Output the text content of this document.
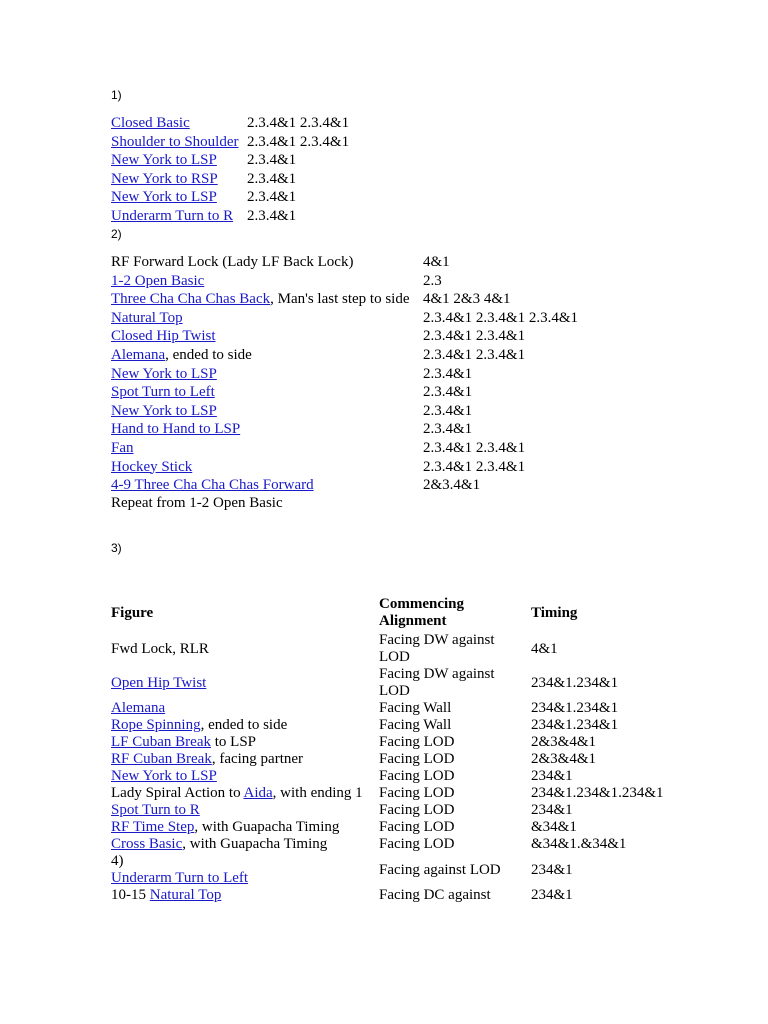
1)
Closed Basic	2.3.4&1 2.3.4&1
Shoulder to Shoulder 2.3.4&1 2.3.4&1
New York to LSP 2.3.4&1
New York to RSP 2.3.4&1
New York to LSP 2.3.4&1
Underarm Turn to R 2.3.4&1
2)
RF Forward Lock (Lady LF Back Lock)	4&1
1-2 Open Basic	2.3
Three Cha Cha Chas Back, Man's last step to side 4&1 2&3 4&1
Natural Top	2.3.4&1 2.3.4&1 2.3.4&1
Closed Hip Twist	2.3.4&1 2.3.4&1
Alemana, ended to side	2.3.4&1 2.3.4&1
New York to LSP	2.3.4&1
Spot Turn to Left	2.3.4&1
New York to LSP	2.3.4&1
Hand to Hand to LSP	2.3.4&1
Fan	2.3.4&1 2.3.4&1
Hockey Stick	2.3.4&1 2.3.4&1
4-9 Three Cha Cha Chas Forward	2&3.4&1
Repeat from 1-2 Open Basic
3)
Figure	Commencing Alignment	Timing
Fwd Lock, RLR	Facing DW against LOD	4&1
Open Hip Twist	Facing DW against LOD	234&1.234&1
Alemana	Facing Wall	234&1.234&1
Rope Spinning, ended to side	Facing Wall	234&1.234&1
LF Cuban Break to LSP	Facing LOD	2&3&4&1
RF Cuban Break, facing partner	Facing LOD	2&3&4&1
New York to LSP	Facing LOD	234&1
Lady Spiral Action to Aida, with ending 1	Facing LOD	234&1.234&1.234&1
Spot Turn to R	Facing LOD	234&1
RF Time Step, with Guapacha Timing	Facing LOD	&34&1
Cross Basic, with Guapacha Timing	Facing LOD	&34&1.&34&1

4)
Underarm Turn to Left	Facing against LOD	234&1
10-15 Natural Top	Facing DC against	234&1
